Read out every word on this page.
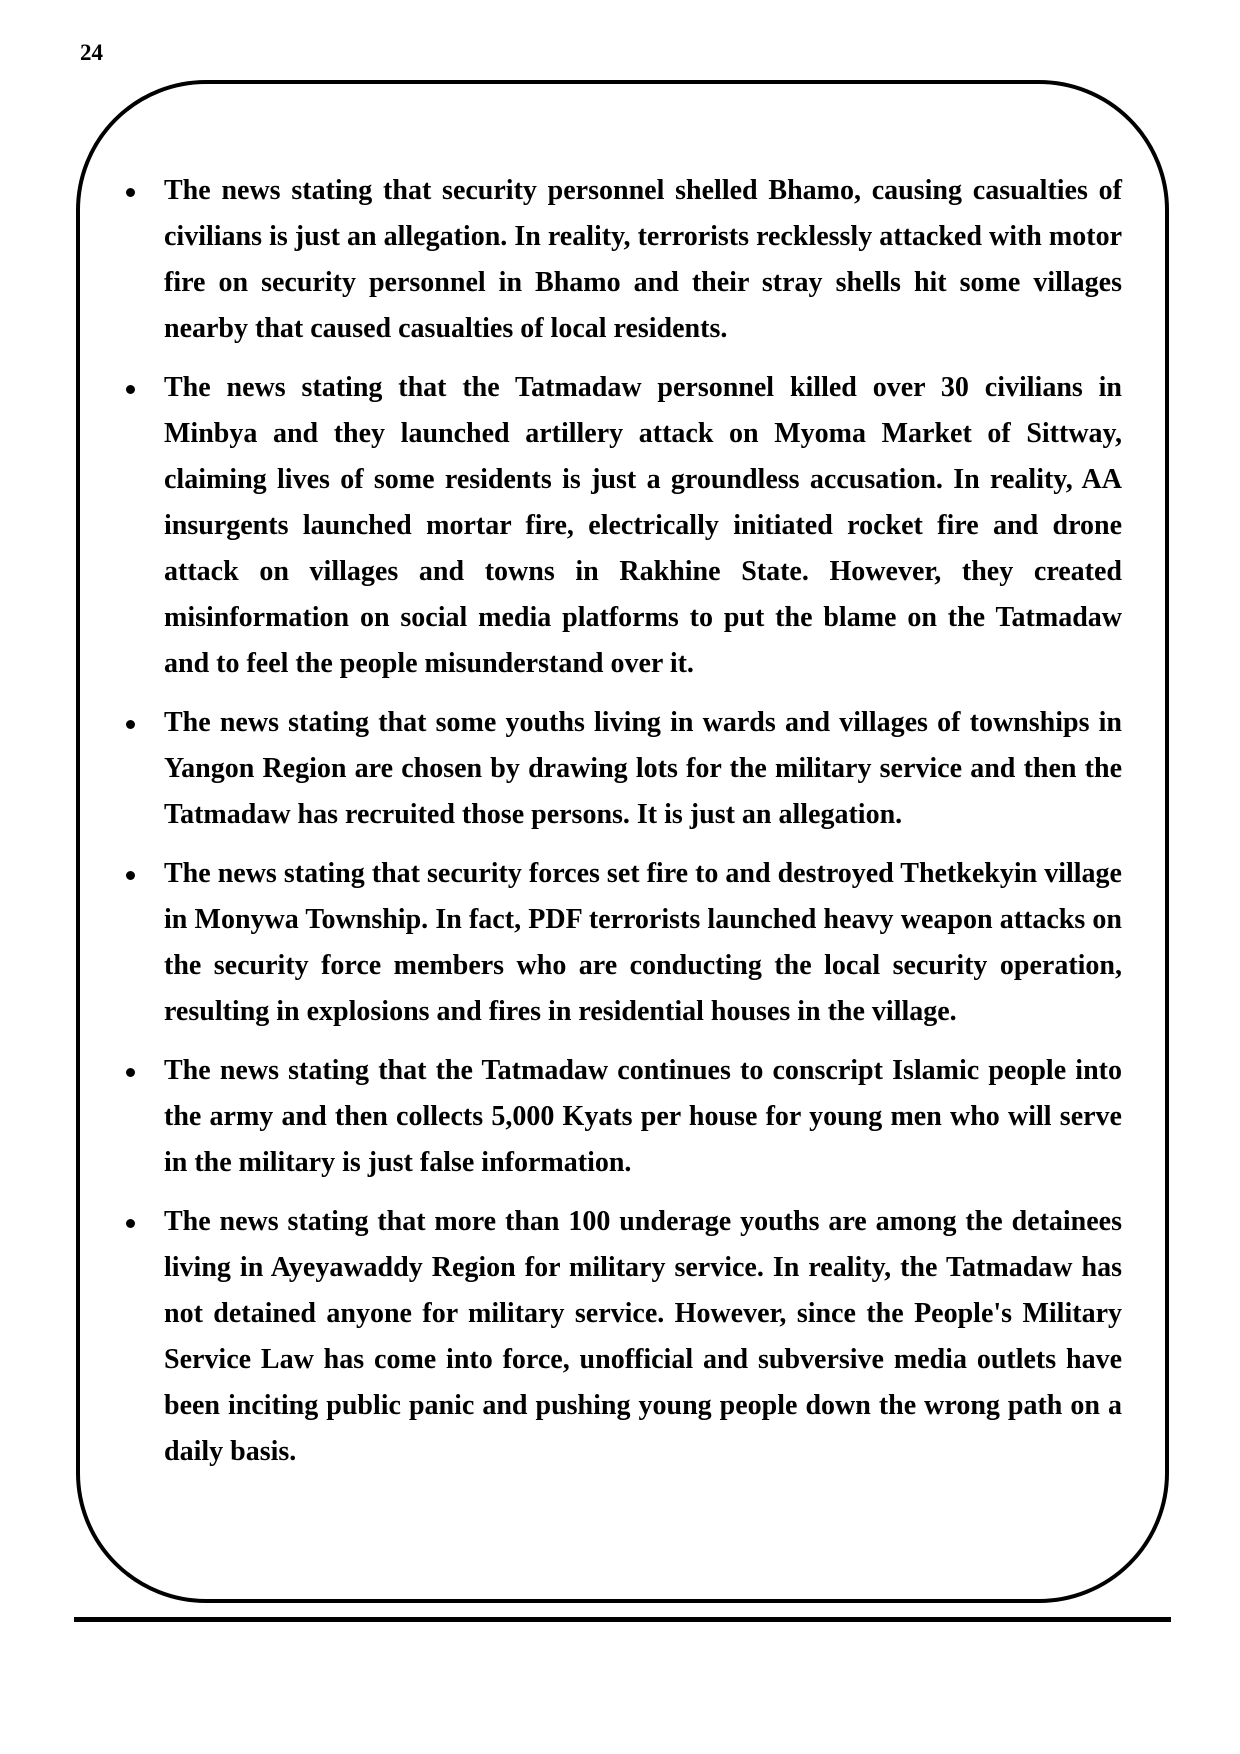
24
The news stating that security personnel shelled Bhamo, causing casualties of civilians is just an allegation. In reality, terrorists recklessly attacked with motor fire on security personnel in Bhamo and their stray shells hit some villages nearby that caused casualties of local residents.
The news stating that the Tatmadaw personnel killed over 30 civilians in Minbya and they launched artillery attack on Myoma Market of Sittway, claiming lives of some residents is just a groundless accusation. In reality, AA insurgents launched mortar fire, electrically initiated rocket fire and drone attack on villages and towns in Rakhine State. However, they created misinformation on social media platforms to put the blame on the Tatmadaw and to feel the people misunderstand over it.
The news stating that some youths living in wards and villages of townships in Yangon Region are chosen by drawing lots for the military service and then the Tatmadaw has recruited those persons. It is just an allegation.
The news stating that security forces set fire to and destroyed Thetkekyin village in Monywa Township. In fact, PDF terrorists launched heavy weapon attacks on the security force members who are conducting the local security operation, resulting in explosions and fires in residential houses in the village.
The news stating that the Tatmadaw continues to conscript Islamic people into the army and then collects 5,000 Kyats per house for young men who will serve in the military is just false information.
The news stating that more than 100 underage youths are among the detainees living in Ayeyawaddy Region for military service. In reality, the Tatmadaw has not detained anyone for military service. However, since the People's Military Service Law has come into force, unofficial and subversive media outlets have been inciting public panic and pushing young people down the wrong path on a daily basis.
